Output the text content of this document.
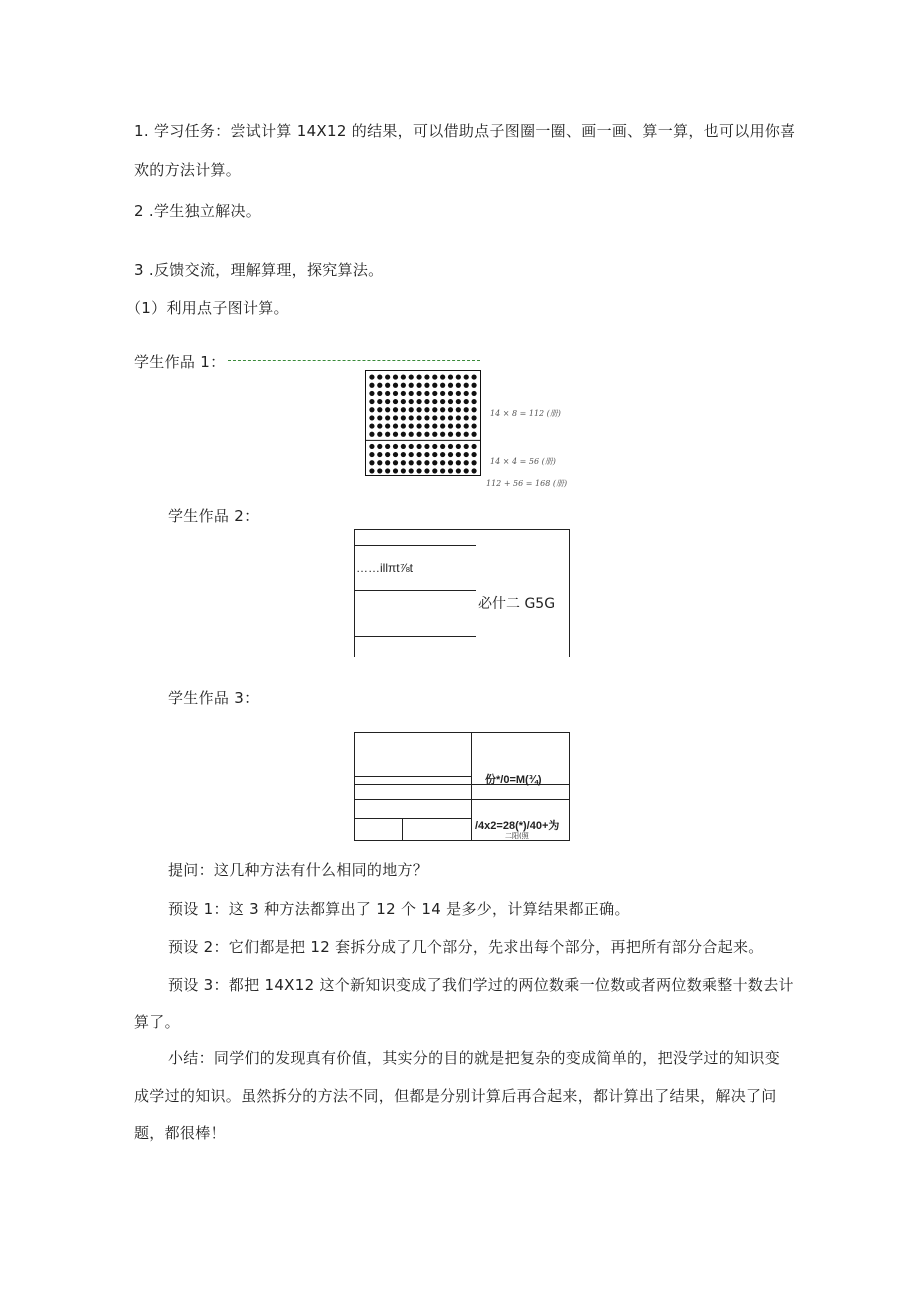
1. 学习任务：尝试计算 14X12 的结果，可以借助点子图圈一圈、画一画、算一算，也可以用你喜
欢的方法计算。
2 .学生独立解决。
3 .反馈交流，理解算理，探究算法。
（1）利用点子图计算。
学生作品 1：
14 × 8 = 112 (册)
14 × 4 = 56 (册)
112 + 56 = 168 (册)
学生作品 2：
……illπt⅞t
必什二 G5G
学生作品 3：
份*/0=M(¾)
/4x2=28(*)/40+为
二阳(照
提问：这几种方法有什么相同的地方？
预设 1：这 3 种方法都算出了 12 个 14 是多少，计算结果都正确。
预设 2：它们都是把 12 套拆分成了几个部分，先求出每个部分，再把所有部分合起来。
预设 3：都把 14X12 这个新知识变成了我们学过的两位数乘一位数或者两位数乘整十数去计
算了。
小结：同学们的发现真有价值，其实分的目的就是把复杂的变成简单的，把没学过的知识变
成学过的知识。虽然拆分的方法不同，但都是分别计算后再合起来，都计算出了结果，解决了问
题，都很棒！
